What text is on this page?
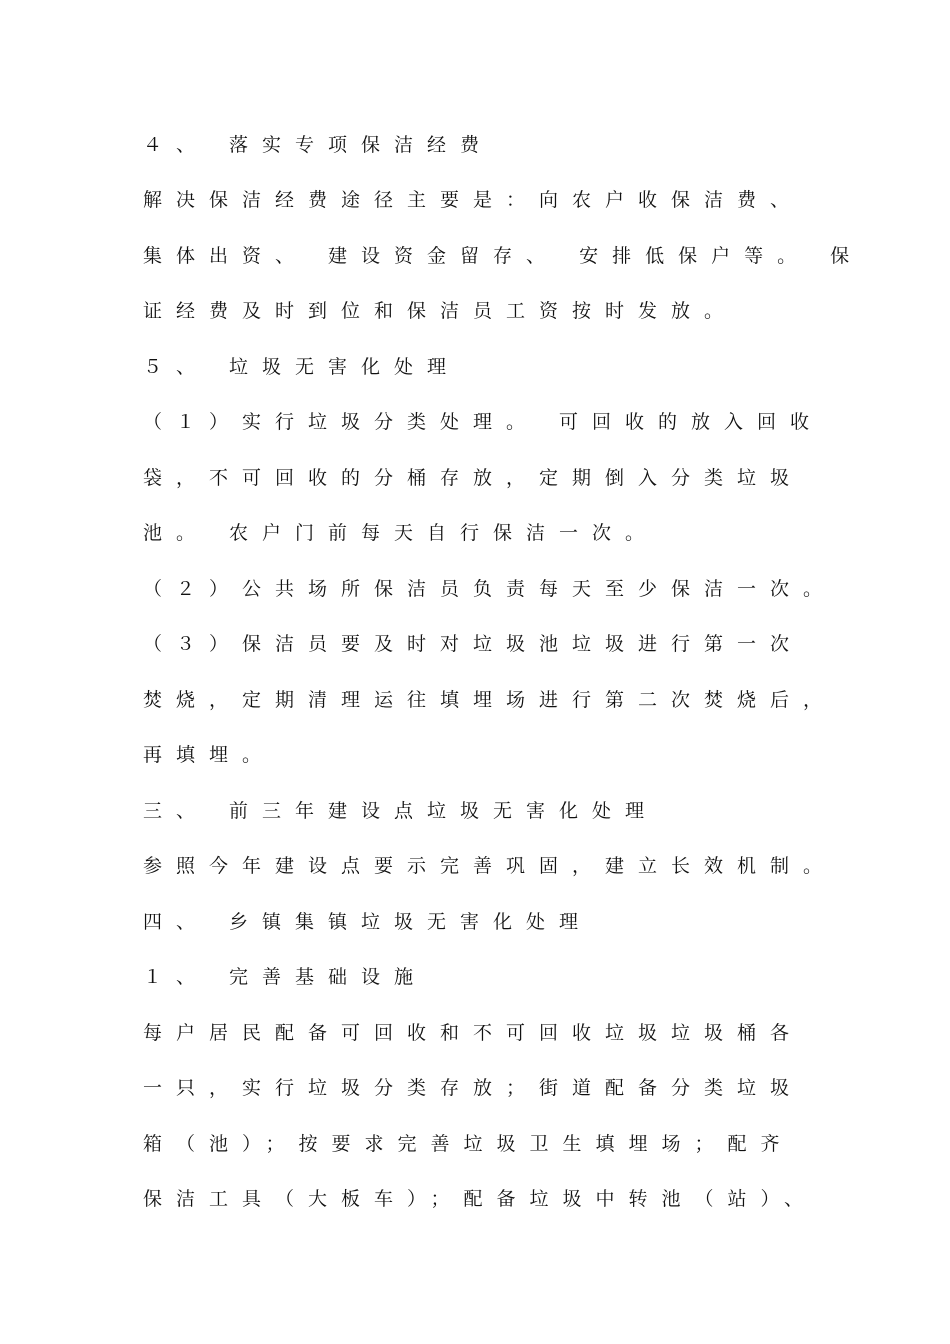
４、 落实专项保洁经费
解决保洁经费途径主要是：向农户收保洁费、
集体出资、 建设资金留存、 安排低保户等。 保
证经费及时到位和保洁员工资按时发放。
５、 垃圾无害化处理
（１）实行垃圾分类处理。 可回收的放入回收
袋，不可回收的分桶存放，定期倒入分类垃圾
池。 农户门前每天自行保洁一次。
（２）公共场所保洁员负责每天至少保洁一次。
（３）保洁员要及时对垃圾池垃圾进行第一次
焚烧，定期清理运往填埋场进行第二次焚烧后，
再填埋。
三、 前三年建设点垃圾无害化处理
参照今年建设点要示完善巩固，建立长效机制。
四、 乡镇集镇垃圾无害化处理
１、 完善基础设施
每户居民配备可回收和不可回收垃圾垃圾桶各
一只，实行垃圾分类存放；街道配备分类垃圾
箱（池）；按要求完善垃圾卫生填埋场；配齐
保洁工具（大板车）；配备垃圾中转池（站）、
